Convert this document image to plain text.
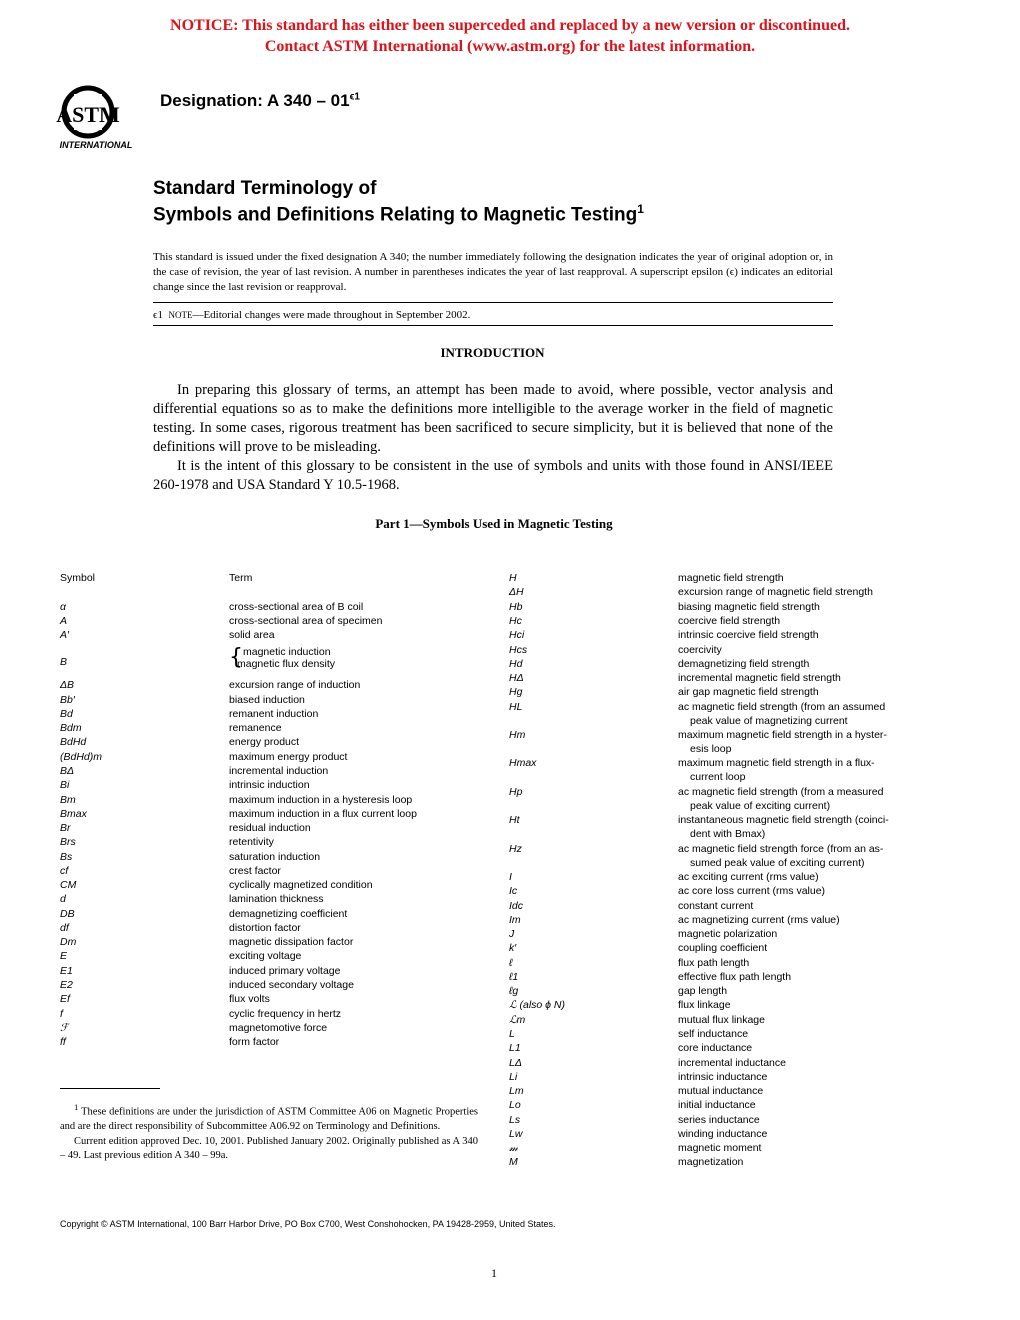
NOTICE: This standard has either been superceded and replaced by a new version or discontinued.
Contact ASTM International (www.astm.org) for the latest information.
ASTM
INTERNATIONAL
Designation: A $340 - 01^{\epsilon 1}$
Standard Terminology of
Symbols and Definitions Relating to Magnetic Testing$^1$
This standard is issued under the fixed designation A 340; the number immediately following the designation indicates the year of original adoption or, in the case of revision, the year of last revision. A number in parentheses indicates the year of last reapproval. A superscript epsilon (ϵ) indicates an editorial change since the last revision or reapproval.
ϵ1 NOTE—Editorial changes were made throughout in September 2002.
INTRODUCTION

In preparing this glossary of terms, an attempt has been made to avoid, where possible, vector analysis and differential equations so as to make the definitions more intelligible to the average worker in the field of magnetic testing. In some cases, rigorous treatment has been sacrificed to secure simplicity, but it is believed that none of the definitions will prove to be misleading.

It is the intent of this glossary to be consistent in the use of symbols and units with those found in ANSI/IEEE 260-1978 and USA Standard Y 10.5-1968.

Part 1—Symbols Used in Magnetic Testing
Symbol	Term

$^1$ These definitions are under the jurisdiction of ASTM Committee A06 on Magnetic Properties and are the direct responsibility of Subcommittee A06.92 on Terminology and Definitions.

Current edition approved Dec. 10, 2001. Published January 2002. Originally published as A 340 – 49. Last previous edition A 340 – 99a.

Copyright © ASTM International, 100 Barr Harbor Drive, PO Box C700, West Conshohocken, PA 19428-2959, United States.
1
α	cross-sectional area of B coil
A	cross-sectional area of specimen
A′	solid area
B	{ magnetic induction
magnetic flux density
ΔB	excursion range of induction
Bb′	biased induction
Bd	remanent induction
Bdm	remanence
BdHd	energy product
(BdHd)m	maximum energy product
BΔ	incremental induction
Bi	intrinsic induction
Bm	maximum induction in a hysteresis loop
Bmax	maximum induction in a flux current loop
Br	residual induction
Brs	retentivity
Bs	saturation induction
cf	crest factor
CM	cyclically magnetized condition
d	lamination thickness
DB	demagnetizing coefficient
df	distortion factor
Dm	magnetic dissipation factor
E	exciting voltage
E1	induced primary voltage
E2	induced secondary voltage
Ef	flux volts
f	cyclic frequency in hertz
ℱ	magnetomotive force
ff	form factor
H	magnetic field strength
ΔH	excursion range of magnetic field strength
Hb	biasing magnetic field strength
Hc	coercive field strength
Hci	intrinsic coercive field strength
Hcs	coercivity
Hd	demagnetizing field strength
HΔ	incremental magnetic field strength
Hg	air gap magnetic field strength
HL	ac magnetic field strength (from an assumed
peak value of magnetizing current
Hm	maximum magnetic field strength in a hyster-
esis loop
Hmax	maximum magnetic field strength in a flux-
current loop
Hp	ac magnetic field strength (from a measured
peak value of exciting current)
Ht	instantaneous magnetic field strength (coinci-
dent with Bmax)
Hz	ac magnetic field strength force (from an as-
sumed peak value of exciting current)
I	ac exciting current (rms value)
Ic	ac core loss current (rms value)
Idc	constant current
Im	ac magnetizing current (rms value)
J	magnetic polarization
k′	coupling coefficient
ℓ	flux path length
ℓ1	effective flux path length
ℓg	gap length
ℒ (also ϕ N)	flux linkage
ℒm	mutual flux linkage
L	self inductance
L1	core inductance
LΔ	incremental inductance
Li	intrinsic inductance
Lm	mutual inductance
Lo	initial inductance
Ls	series inductance
Lw	winding inductance
𝓂	magnetic moment
M	magnetization
